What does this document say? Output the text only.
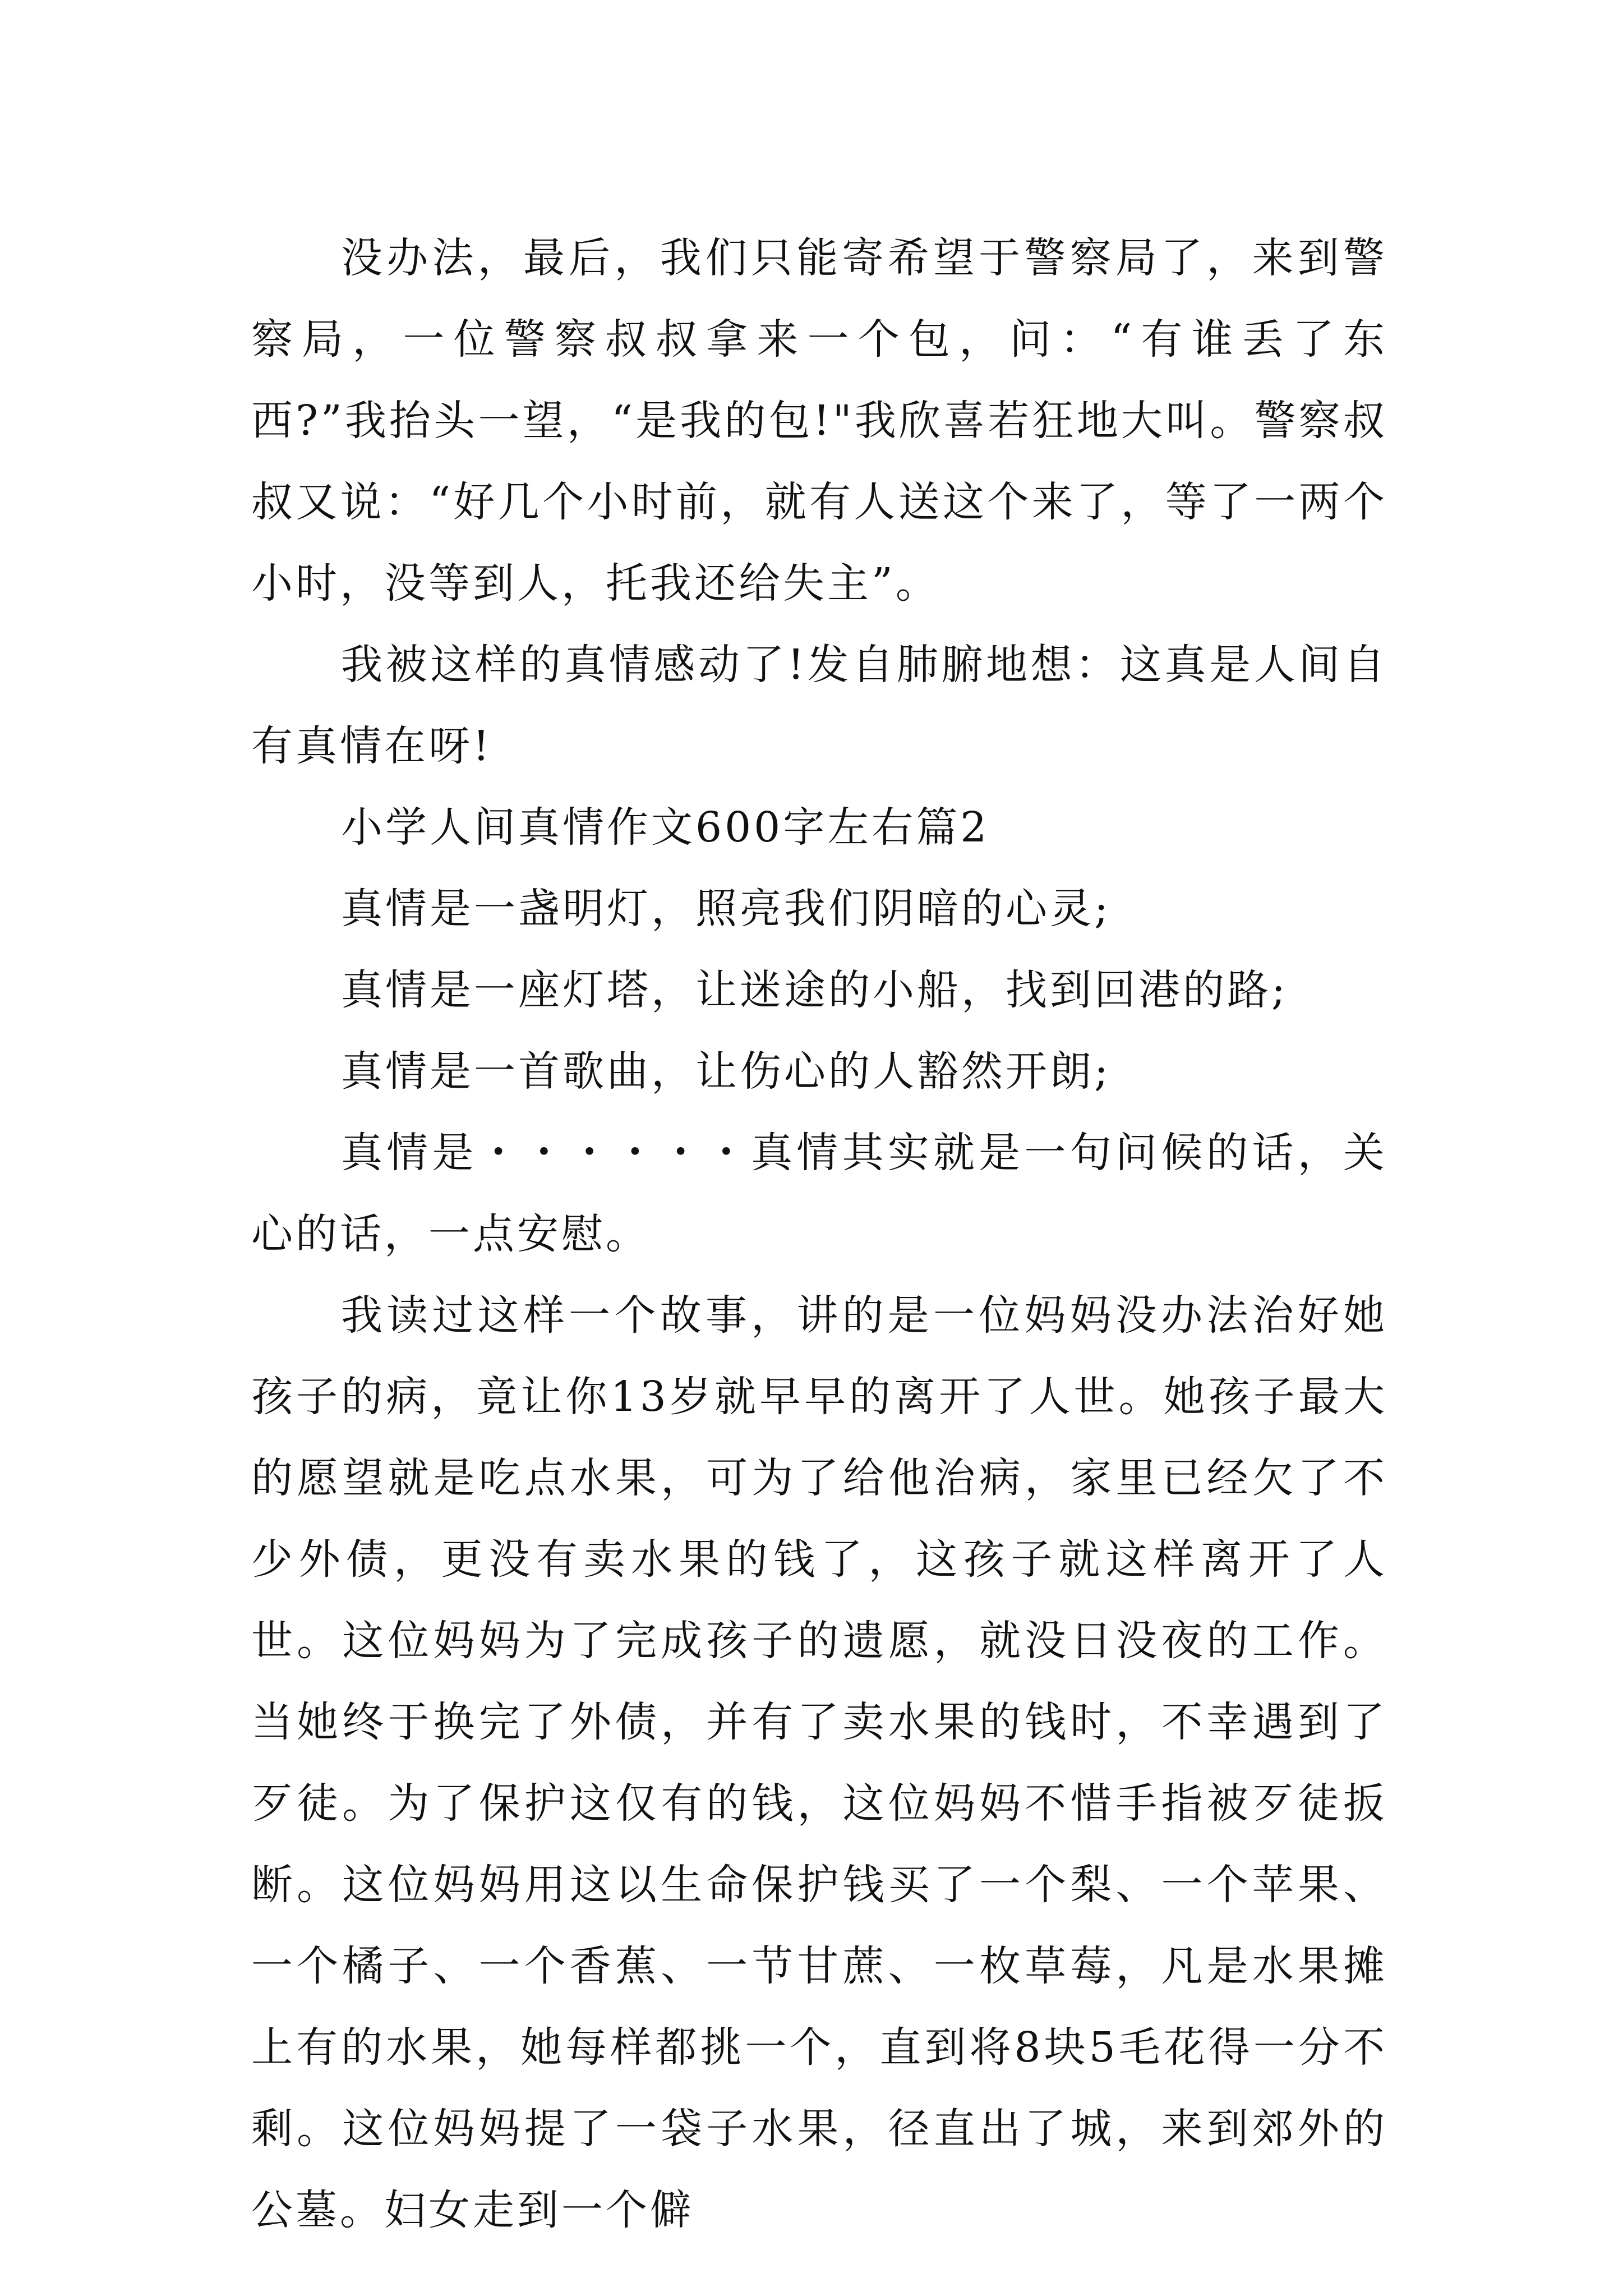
没办法，最后，我们只能寄希望于警察局了，来到警察局，一位警察叔叔拿来一个包，问：“有谁丢了东西?”我抬头一望，“是我的包!"我欣喜若狂地大叫。警察叔叔又说：“好几个小时前，就有人送这个来了，等了一两个小时，没等到人，托我还给失主”。

我被这样的真情感动了!发自肺腑地想：这真是人间自有真情在呀!

小学人间真情作文600字左右篇2

真情是一盏明灯，照亮我们阴暗的心灵;

真情是一座灯塔，让迷途的小船，找到回港的路;

真情是一首歌曲，让伤心的人豁然开朗;

真情是・・・・・・真情其实就是一句问候的话，关心的话，一点安慰。

我读过这样一个故事，讲的是一位妈妈没办法治好她孩子的病，竟让你13岁就早早的离开了人世。她孩子最大的愿望就是吃点水果，可为了给他治病，家里已经欠了不少外债，更没有卖水果的钱了，这孩子就这样离开了人世。这位妈妈为了完成孩子的遗愿，就没日没夜的工作。当她终于换完了外债，并有了卖水果的钱时，不幸遇到了歹徒。为了保护这仅有的钱，这位妈妈不惜手指被歹徒扳断。这位妈妈用这以生命保护钱买了一个梨、一个苹果、一个橘子、一个香蕉、一节甘蔗、一枚草莓，凡是水果摊上有的水果，她每样都挑一个，直到将8块5毛花得一分不剩。这位妈妈提了一袋子水果，径直出了城，来到郊外的公墓。妇女走到一个僻
